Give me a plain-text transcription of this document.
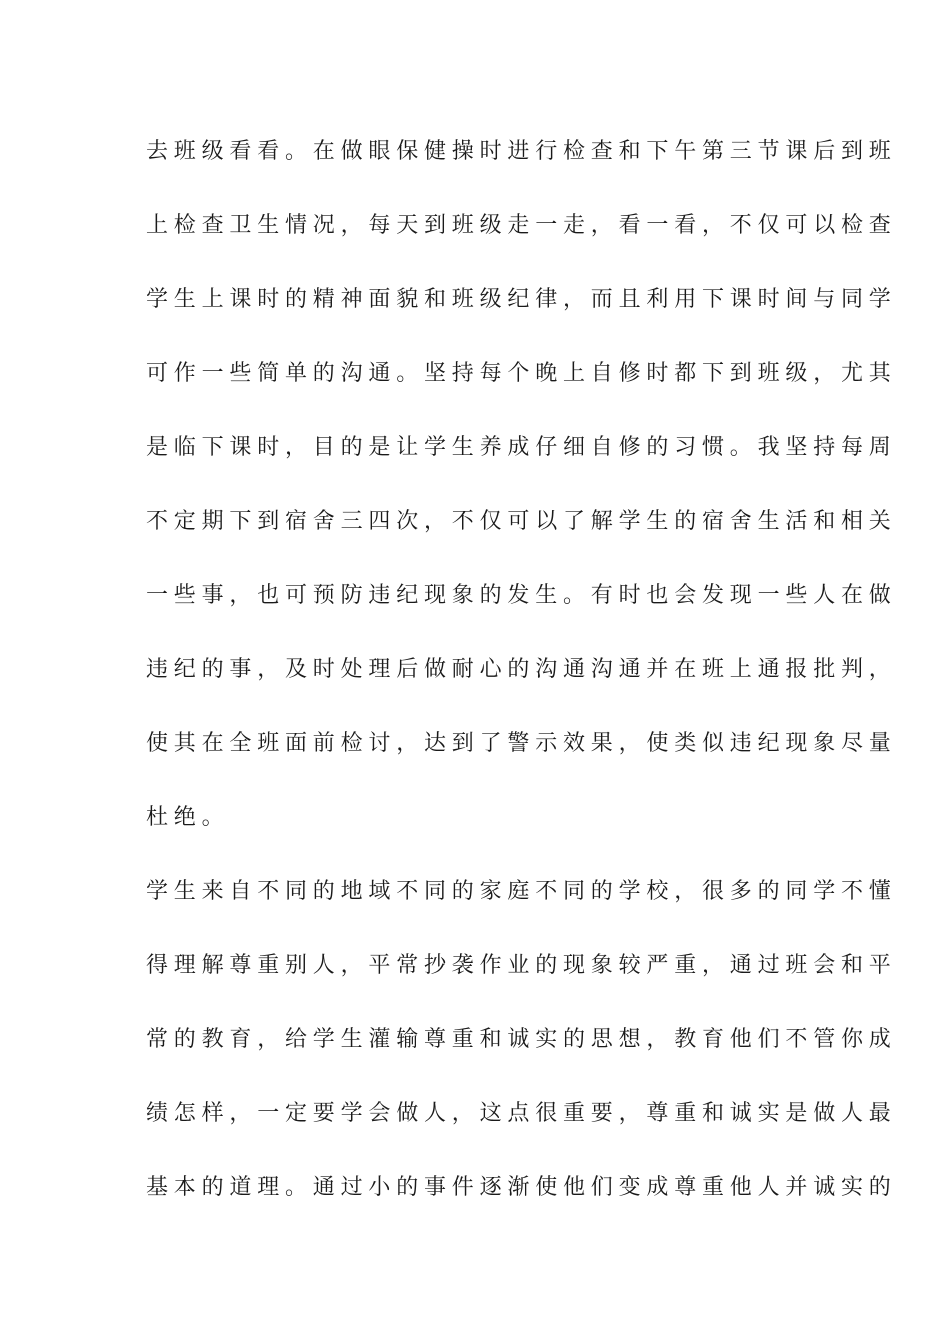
去班级看看。在做眼保健操时进行检查和下午第三节课后到班
上检查卫生情况，每天到班级走一走，看一看，不仅可以检查
学生上课时的精神面貌和班级纪律，而且利用下课时间与同学
可作一些简单的沟通。坚持每个晚上自修时都下到班级，尤其
是临下课时，目的是让学生养成仔细自修的习惯。我坚持每周
不定期下到宿舍三四次，不仅可以了解学生的宿舍生活和相关
一些事，也可预防违纪现象的发生。有时也会发现一些人在做
违纪的事，及时处理后做耐心的沟通沟通并在班上通报批判，
使其在全班面前检讨，达到了警示效果，使类似违纪现象尽量
杜绝。
学生来自不同的地域不同的家庭不同的学校，很多的同学不懂
得理解尊重别人，平常抄袭作业的现象较严重，通过班会和平
常的教育，给学生灌输尊重和诚实的思想，教育他们不管你成
绩怎样，一定要学会做人，这点很重要，尊重和诚实是做人最
基本的道理。通过小的事件逐渐使他们变成尊重他人并诚实的
